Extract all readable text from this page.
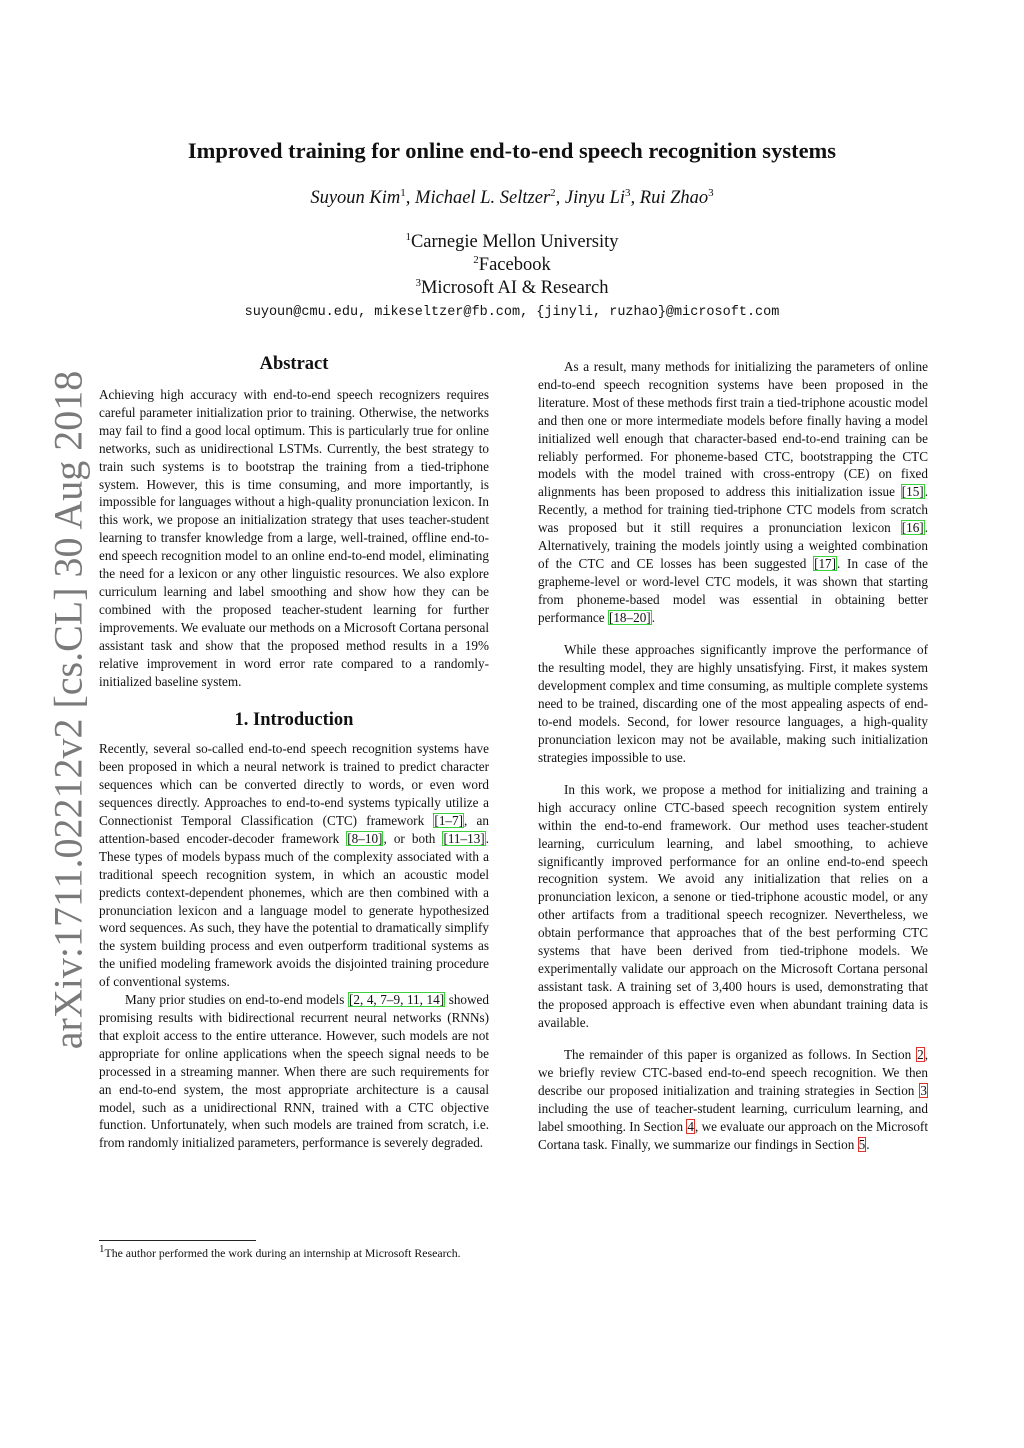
arXiv:1711.02212v2 [cs.CL] 30 Aug 2018
Improved training for online end-to-end speech recognition systems
Suyoun Kim$^1$, Michael L. Seltzer$^2$, Jinyu Li$^3$, Rui Zhao$^3$
$^1$Carnegie Mellon University
$^2$Facebook
$^3$Microsoft AI & Research
suyoun@cmu.edu, mikeseltzer@fb.com, {jinyli, ruzhao}@microsoft.com
Abstract

Achieving high accuracy with end-to-end speech recognizers requires careful parameter initialization prior to training. Otherwise, the networks may fail to find a good local optimum. This is particularly true for online networks, such as unidirectional LSTMs. Currently, the best strategy to train such systems is to bootstrap the training from a tied-triphone system. However, this is time consuming, and more importantly, is impossible for languages without a high-quality pronunciation lexicon. In this work, we propose an initialization strategy that uses teacher-student learning to transfer knowledge from a large, well-trained, offline end-to-end speech recognition model to an online end-to-end model, eliminating the need for a lexicon or any other linguistic resources. We also explore curriculum learning and label smoothing and show how they can be combined with the proposed teacher-student learning for further improvements. We evaluate our methods on a Microsoft Cortana personal assistant task and show that the proposed method results in a 19% relative improvement in word error rate compared to a randomly-initialized baseline system.

1. Introduction

Recently, several so-called end-to-end speech recognition systems have been proposed in which a neural network is trained to predict character sequences which can be converted directly to words, or even word sequences directly. Approaches to end-to-end systems typically utilize a Connectionist Temporal Classification (CTC) framework [1–7], an attention-based encoder-decoder framework [8–10], or both [11–13]. These types of models bypass much of the complexity associated with a traditional speech recognition system, in which an acoustic model predicts context-dependent phonemes, which are then combined with a pronunciation lexicon and a language model to generate hypothesized word sequences. As such, they have the potential to dramatically simplify the system building process and even outperform traditional systems as the unified modeling framework avoids the disjointed training procedure of conventional systems.

Many prior studies on end-to-end models [2, 4, 7–9, 11, 14] showed promising results with bidirectional recurrent neural networks (RNNs) that exploit access to the entire utterance. However, such models are not appropriate for online applications when the speech signal needs to be processed in a streaming manner. When there are such requirements for an end-to-end system, the most appropriate architecture is a causal model, such as a unidirectional RNN, trained with a CTC objective function. Unfortunately, when such models are trained from scratch, i.e. from randomly initialized parameters, performance is severely degraded.

$^1$The author performed the work during an internship at Microsoft Research.

As a result, many methods for initializing the parameters of online end-to-end speech recognition systems have been proposed in the literature. Most of these methods first train a tied-triphone acoustic model and then one or more intermediate models before finally having a model initialized well enough that character-based end-to-end training can be reliably performed. For phoneme-based CTC, bootstrapping the CTC models with the model trained with cross-entropy (CE) on fixed alignments has been proposed to address this initialization issue [15]. Recently, a method for training tied-triphone CTC models from scratch was proposed but it still requires a pronunciation lexicon [16]. Alternatively, training the models jointly using a weighted combination of the CTC and CE losses has been suggested [17]. In case of the grapheme-level or word-level CTC models, it was shown that starting from phoneme-based model was essential in obtaining better performance [18–20].

While these approaches significantly improve the performance of the resulting model, they are highly unsatisfying. First, it makes system development complex and time consuming, as multiple complete systems need to be trained, discarding one of the most appealing aspects of end-to-end models. Second, for lower resource languages, a high-quality pronunciation lexicon may not be available, making such initialization strategies impossible to use.

In this work, we propose a method for initializing and training a high accuracy online CTC-based speech recognition system entirely within the end-to-end framework. Our method uses teacher-student learning, curriculum learning, and label smoothing, to achieve significantly improved performance for an online end-to-end speech recognition system. We avoid any initialization that relies on a pronunciation lexicon, a senone or tied-triphone acoustic model, or any other artifacts from a traditional speech recognizer. Nevertheless, we obtain performance that approaches that of the best performing CTC systems that have been derived from tied-triphone models. We experimentally validate our approach on the Microsoft Cortana personal assistant task. A training set of 3,400 hours is used, demonstrating that the proposed approach is effective even when abundant training data is available.

The remainder of this paper is organized as follows. In Section 2, we briefly review CTC-based end-to-end speech recognition. We then describe our proposed initialization and training strategies in Section 3 including the use of teacher-student learning, curriculum learning, and label smoothing. In Section 4, we evaluate our approach on the Microsoft Cortana task. Finally, we summarize our findings in Section 5.
